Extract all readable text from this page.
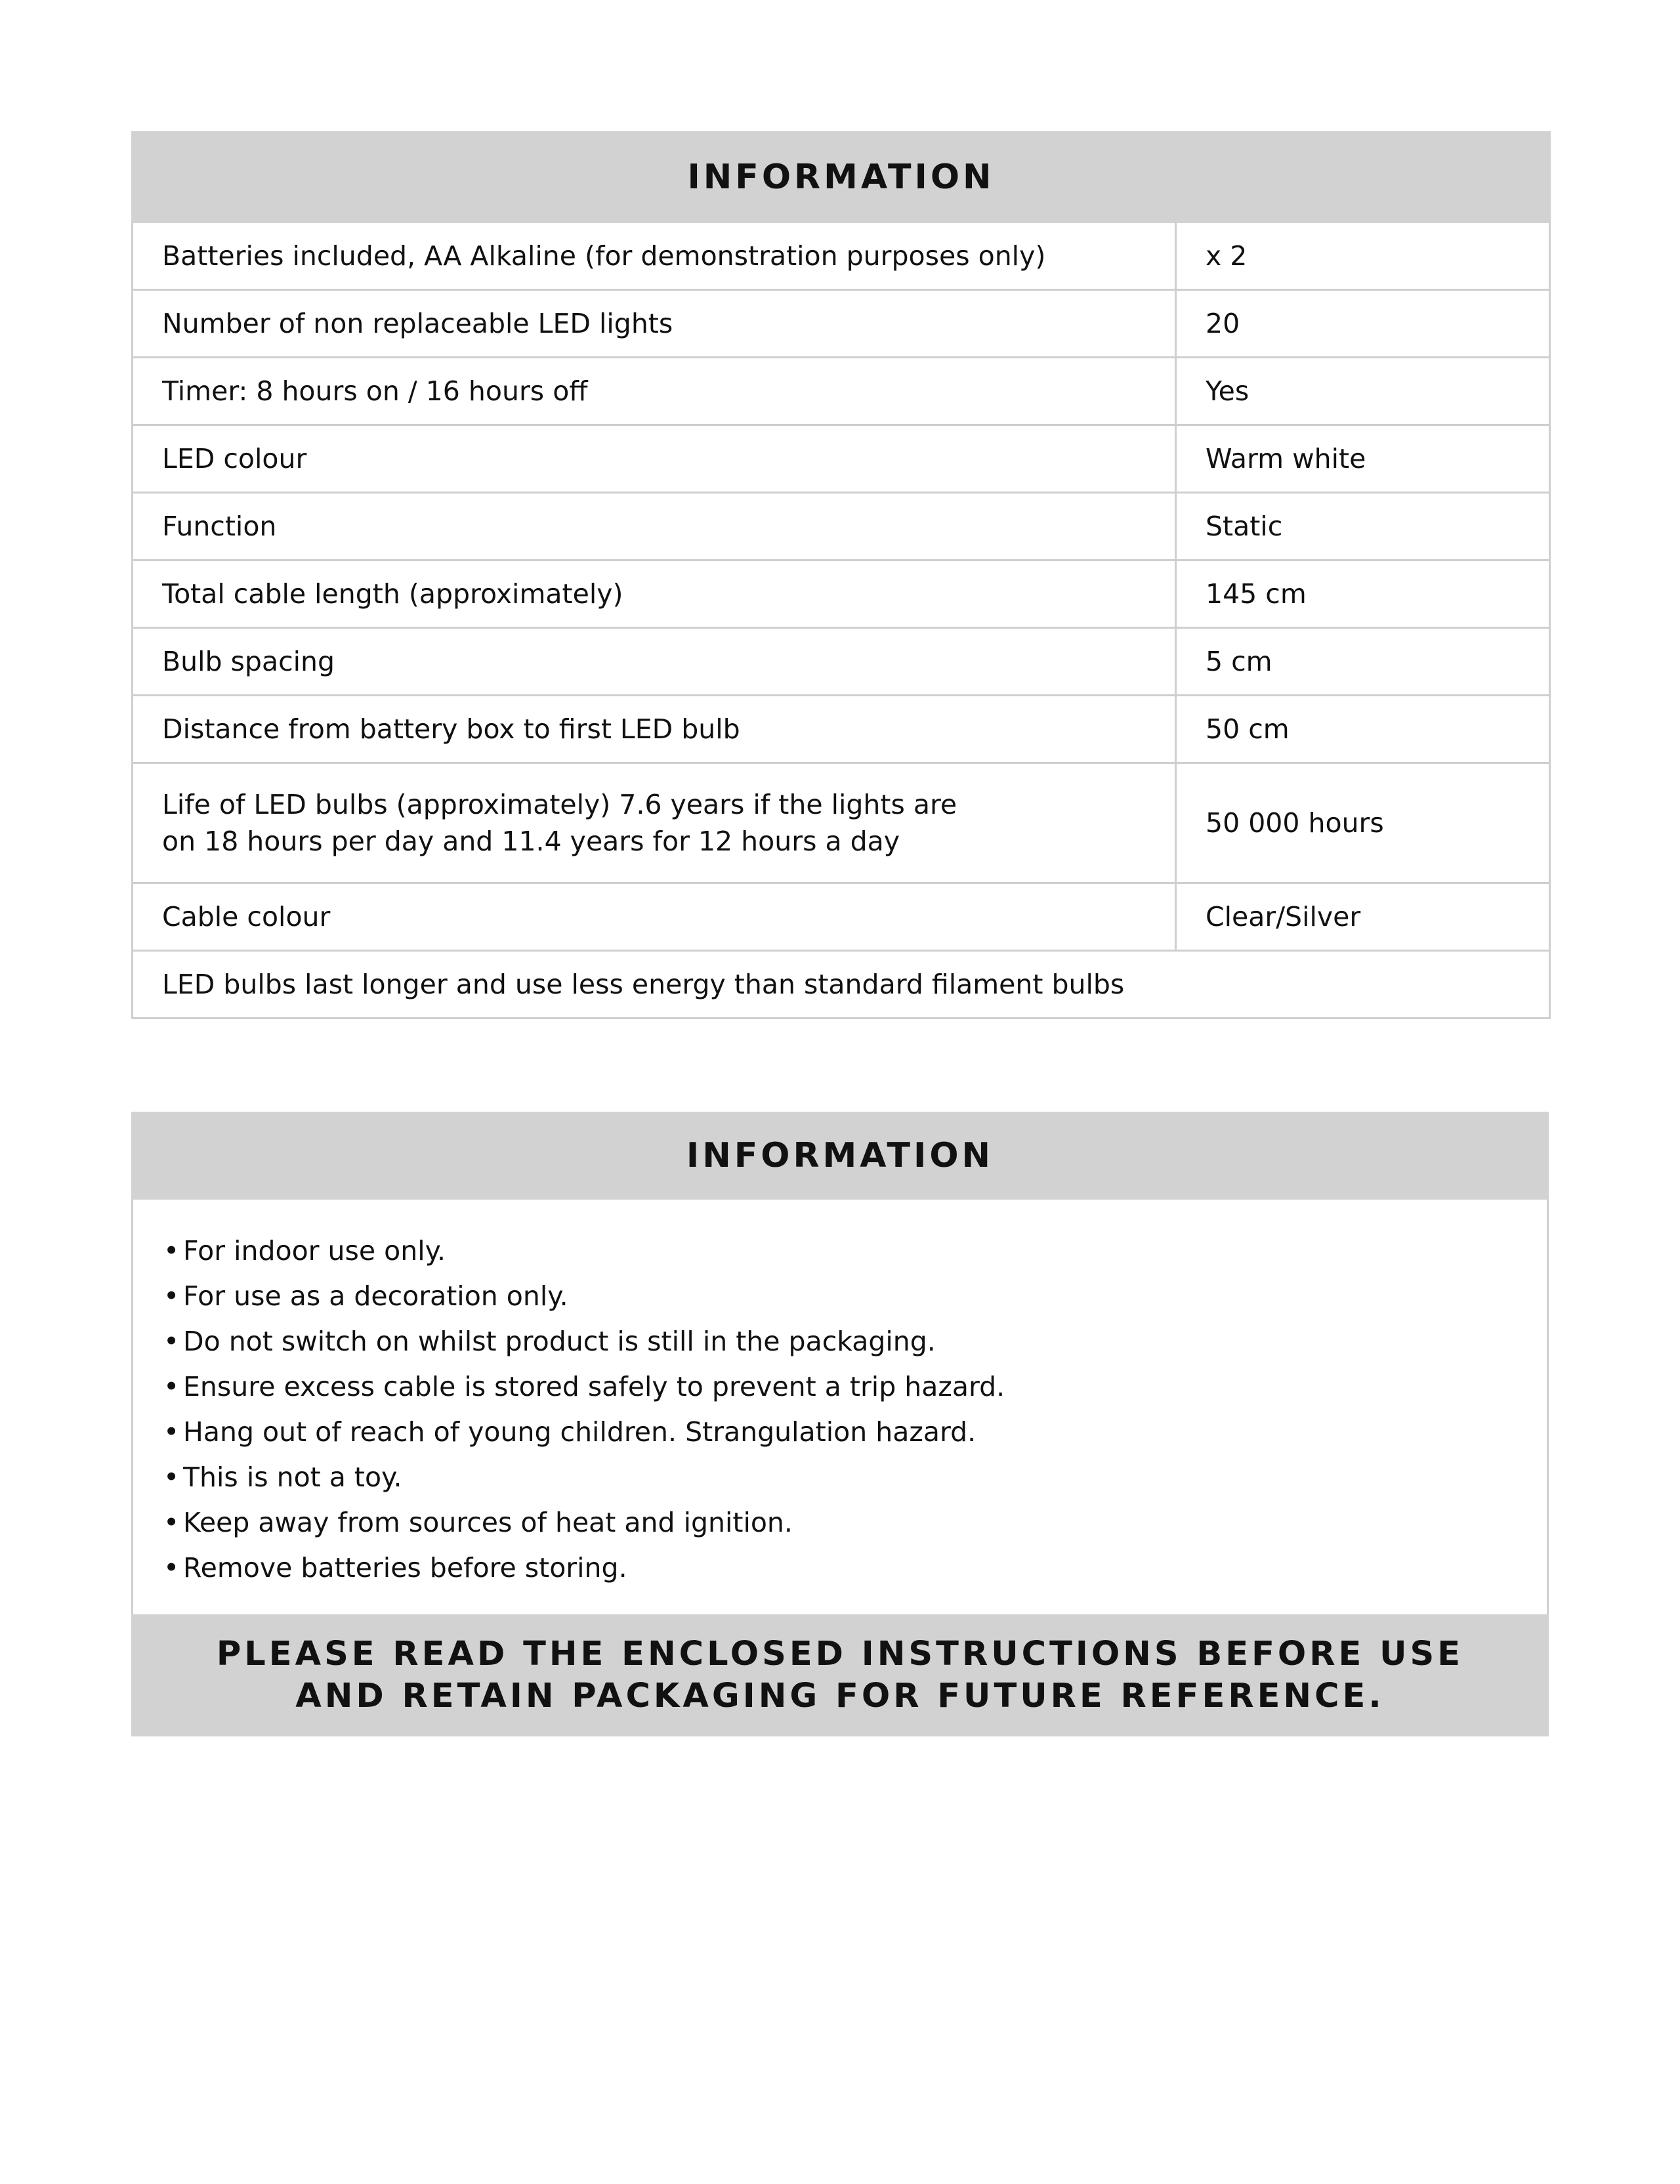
INFORMATION	
Batteries included, AA Alkaline (for demonstration purposes only)	x 2
Number of non replaceable LED lights	20
Timer: 8 hours on / 16 hours off	Yes
LED colour	Warm white
Function	Static
Total cable length (approximately)	145 cm
Bulb spacing	5 cm
Distance from battery box to first LED bulb	50 cm
Life of LED bulbs (approximately) 7.6 years if the lights are
on 18 hours per day and 11.4 years for 12 hours a day	50 000 hours
Cable colour	Clear/Silver
LED bulbs last longer and use less energy than standard filament bulbs	
INFORMATION
• For indoor use only.
• For use as a decoration only.
• Do not switch on whilst product is still in the packaging.
• Ensure excess cable is stored safely to prevent a trip hazard.
• Hang out of reach of young children. Strangulation hazard.
• This is not a toy.
• Keep away from sources of heat and ignition.
• Remove batteries before storing.
PLEASE READ THE ENCLOSED INSTRUCTIONS BEFORE USE
AND RETAIN PACKAGING FOR FUTURE REFERENCE.
